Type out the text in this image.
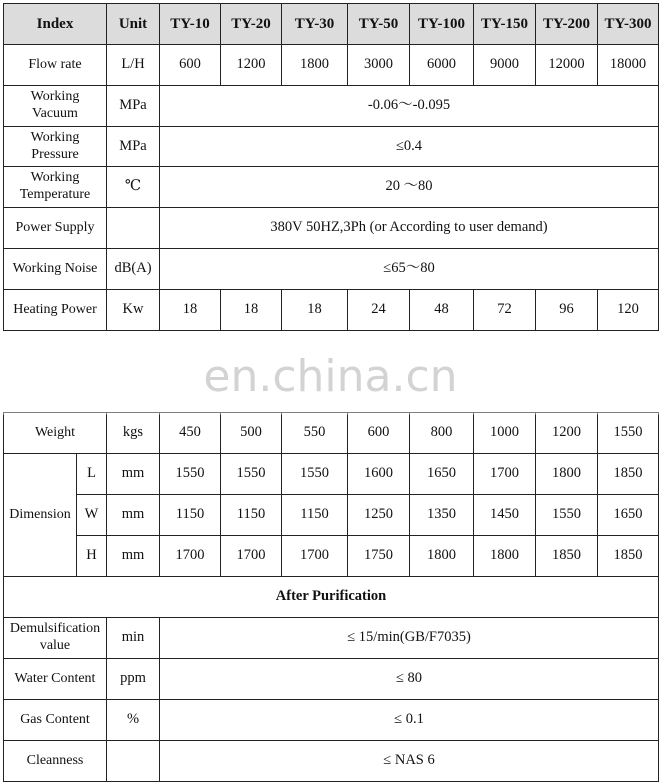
Index		Unit	TY-10	TY-20	TY-30	TY-50	TY-100	TY-150	TY-200	TY-300
Flow rate		L/H	600	1200	1800	3000	6000	9000	12000	18000
Working
Vacuum		MPa	-0.06～-0.095							
Working
Pressure		MPa	≤0.4							
Working
Temperature		℃	20 ～80							
Power Supply			380V 50HZ,3Ph (or According to user demand)							
Working Noise		dB(A)	≤65～80							
Heating Power		Kw	18	18	18	24	48	72	96	120

Weight		kgs	450	500	550	600	800	1000	1200	1550
Dimension	L	mm	1550	1550	1550	1600	1650	1700	1800	1850
	W	mm	1150	1150	1150	1250	1350	1450	1550	1650
	H	mm	1700	1700	1700	1750	1800	1800	1850	1850
After Purification										
Demulsification
value		min	≤ 15/min(GB/F7035)							
Water Content		ppm	≤ 80							
Gas Content		%	≤ 0.1							
Cleanness			≤ NAS 6							
en.china.cn
